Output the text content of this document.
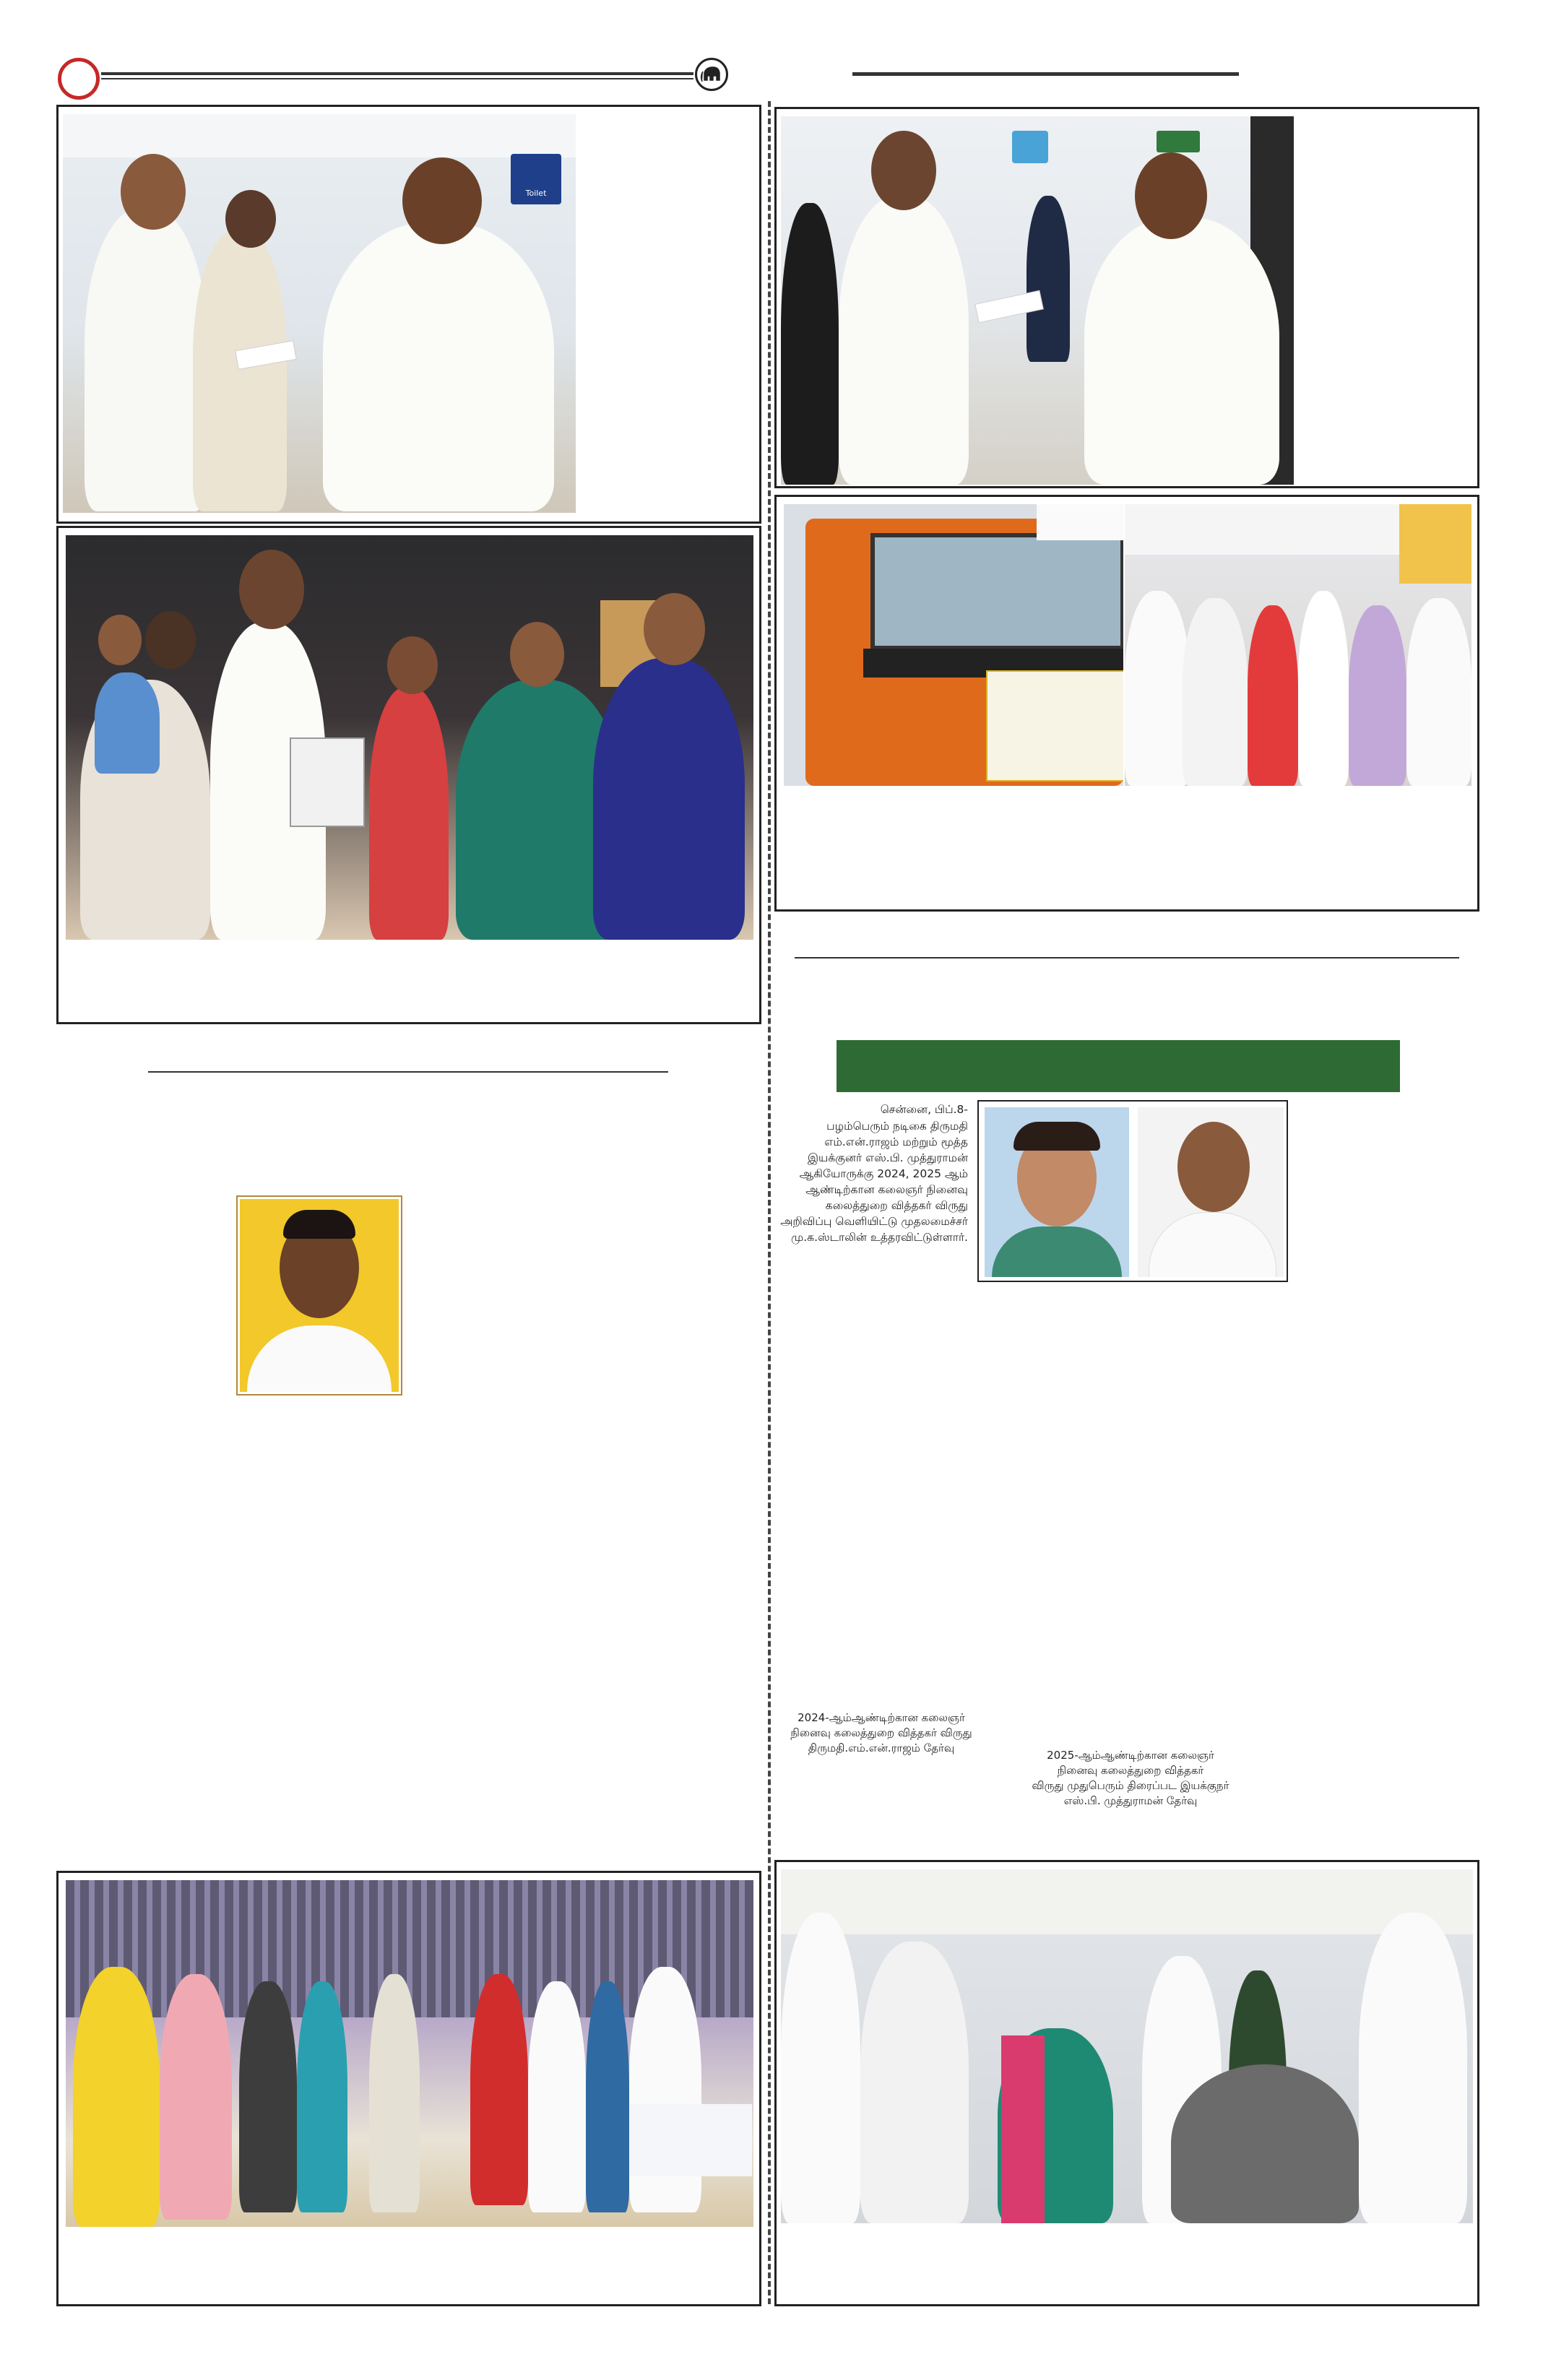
Toilet
சென்னை, பிப்.8-
பழம்பெரும் நடிகை திருமதி எம்.என்.ராஜம் மற்றும் மூத்த இயக்குனர் எஸ்.பி. முத்துராமன் ஆகியோருக்கு 2024, 2025 ஆம் ஆண்டிற்கான கலைஞர் நினைவு கலைத்துறை வித்தகர் விருது அறிவிப்பு வெளியிட்டு முதலமைச்சர் மு.க.ஸ்டாலின் உத்தரவிட்டுள்ளார்.
2024-ஆம்ஆண்டிற்கான கலைஞர்
நினைவு கலைத்துறை வித்தகர் விருது
திருமதி.எம்.என்.ராஜம் தேர்வு
2025-ஆம்ஆண்டிற்கான கலைஞர்
நினைவு கலைத்துறை வித்தகர்
விருது முதுபெரும் திரைப்பட இயக்குநர்
எஸ்.பி. முத்துராமன் தேர்வு
